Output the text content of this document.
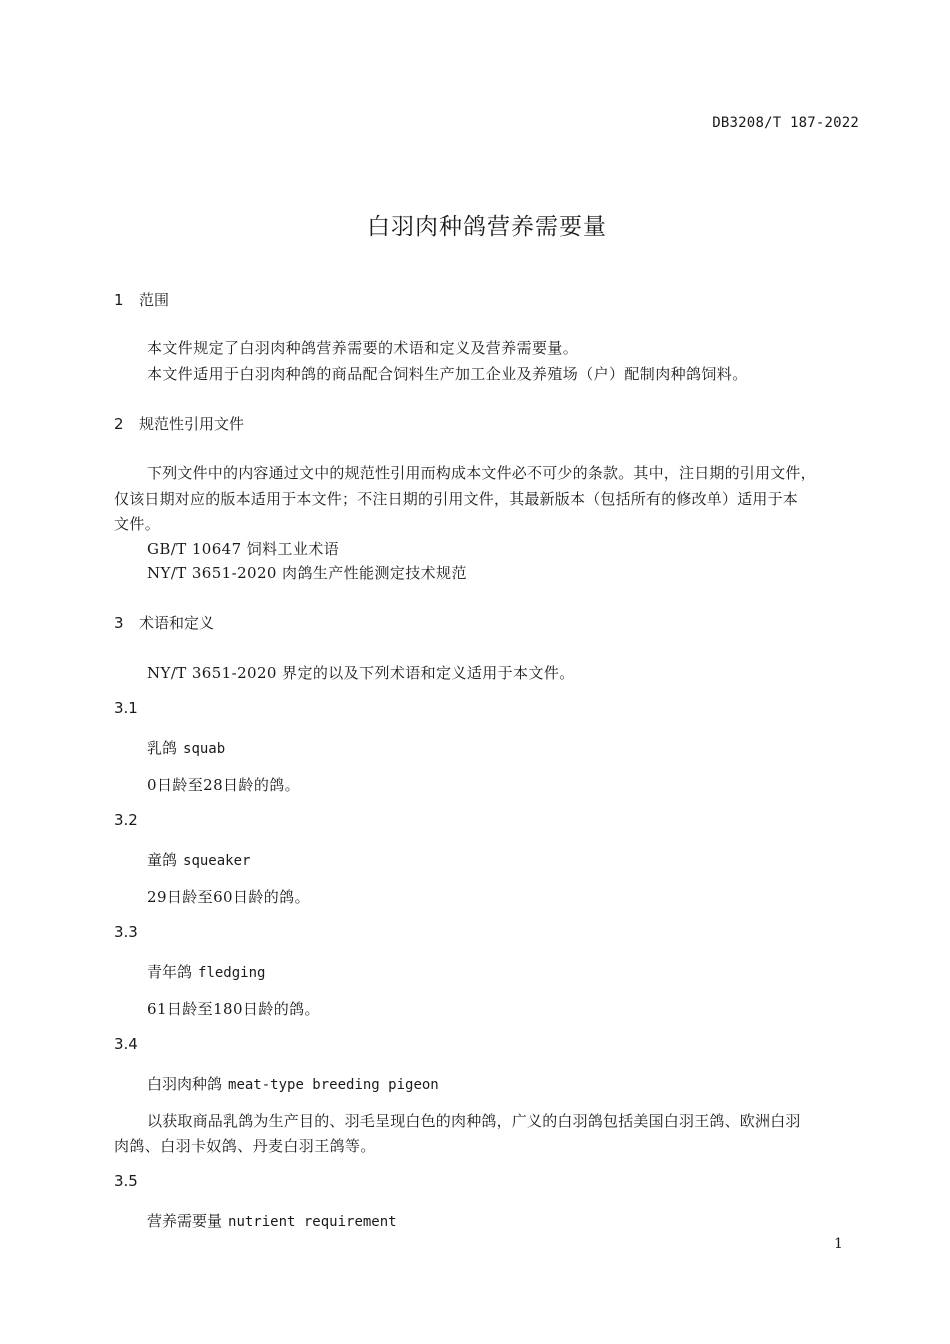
DB3208/T 187-2022
白羽肉种鸽营养需要量
1 范围
本文件规定了白羽肉种鸽营养需要的术语和定义及营养需要量。
本文件适用于白羽肉种鸽的商品配合饲料生产加工企业及养殖场（户）配制肉种鸽饲料。
2 规范性引用文件
下列文件中的内容通过文中的规范性引用而构成本文件必不可少的条款。其中，注日期的引用文件，
仅该日期对应的版本适用于本文件；不注日期的引用文件，其最新版本（包括所有的修改单）适用于本
文件。
GB/T 10647 饲料工业术语
NY/T 3651-2020 肉鸽生产性能测定技术规范
3 术语和定义
NY/T 3651-2020 界定的以及下列术语和定义适用于本文件。
3.1
乳鸽 squab
0日龄至28日龄的鸽。
3.2
童鸽 squeaker
29日龄至60日龄的鸽。
3.3
青年鸽 fledging
61日龄至180日龄的鸽。
3.4
白羽肉种鸽 meat-type breeding pigeon
以获取商品乳鸽为生产目的、羽毛呈现白色的肉种鸽，广义的白羽鸽包括美国白羽王鸽、欧洲白羽
肉鸽、白羽卡奴鸽、丹麦白羽王鸽等。
3.5
营养需要量 nutrient requirement
1
